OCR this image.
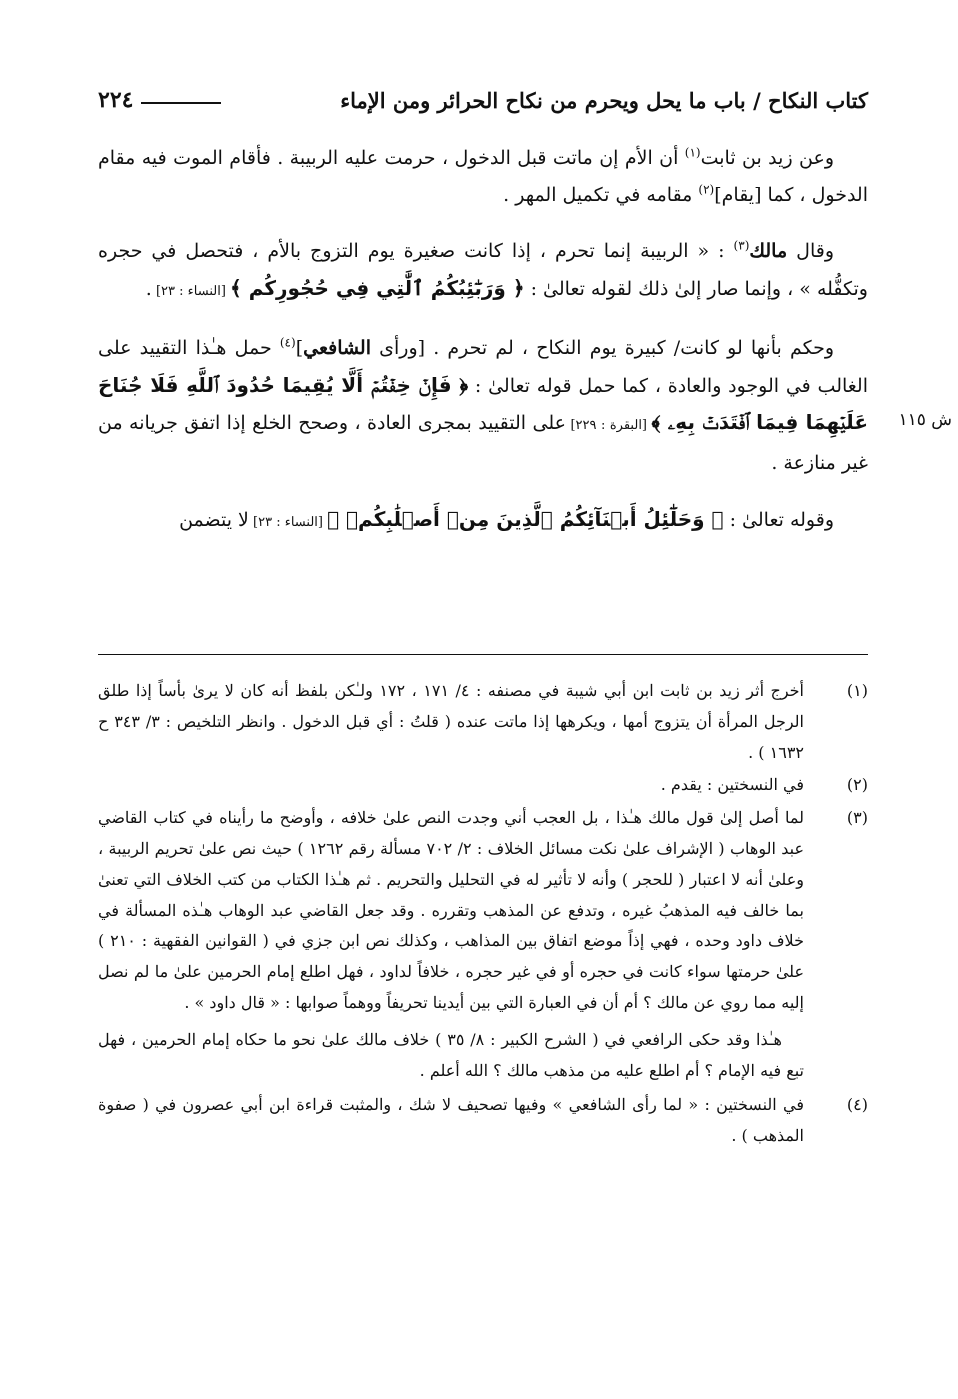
كتاب النكاح / باب ما يحل ويحرم من نكاح الحرائر ومن الإماء
٢٢٤
ش ١١٥

وعن زيد بن ثابت$^{(١)}$ أن الأم إن ماتت قبل الدخول ، حرمت عليه الربيبة . فأقام الموت فيه مقام الدخول ، كما [يقام]$^{(٢)}$ مقامه في تكميل المهر .

وقال مالك$^{(٣)}$ : « الربيبة إنما تحرم ، إذا كانت صغيرة يوم التزوج بالأم ، فتحصل في حجره وتكفُّله » ، وإنما صار إلىٰ ذلك لقوله تعالىٰ : ﴿ وَرَبَٰٓئِبُكُمُ ٱلَّٰتِي فِي حُجُورِكُم ﴾ [النساء : ٢٣] .

وحكم بأنها لو كانت/ كبيرة يوم النكاح ، لم تحرم . [ورأى الشافعي]$^{(٤)}$ حمل هـٰذا التقييد على الغالب في الوجود والعادة ، كما حمل قوله تعالىٰ : ﴿ فَإِنۡ خِفۡتُمۡ أَلَّا يُقِيمَا حُدُودَ ٱللَّهِ فَلَا جُنَاحَ عَلَيۡهِمَا فِيمَا ٱفۡتَدَتۡ بِهِۦ ﴾ [البقرة : ٢٢٩] على التقييد بمجرى العادة ، وصحح الخلع إذا اتفق جريانه من غير منازعة .

وقوله تعالىٰ : ﴿ وَحَلَٰٓئِلُ أَبۡنَآئِكُمُ ٱلَّذِينَ مِنۡ أَصۡلَٰبِكُمۡ ﴾ [النساء : ٢٣] لا يتضمن

(١)
أخرج أثر زيد بن ثابت ابن أبي شيبة في مصنفه : ٤/ ١٧١ ، ١٧٢ ولـٰكن بلفظ أنه كان لا يرىٰ بأساً إذا طلق الرجل المرأة أن يتزوج أمها ، ويكرهها إذا ماتت عنده ( قلتُ : أي قبل الدخول . وانظر التلخيص : ٣/ ٣٤٣ ح ١٦٣٢ ) .
(٢)
في النسختين : يقدم .
(٣)
لما أصل إلىٰ قول مالك هـٰذا ، بل العجب أني وجدت النص علىٰ خلافه ، وأوضح ما رأيناه في كتاب القاضي عبد الوهاب ( الإشراف علىٰ نكت مسائل الخلاف : ٢/ ٧٠٢ مسألة رقم ١٢٦٢ ) حيث نص علىٰ تحريم الربيبة ، وعلىٰ أنه لا اعتبار ( للحجر ) وأنه لا تأثير له في التحليل والتحريم . ثم هـٰذا الكتاب من كتب الخلاف التي تعنىٰ بما خالف فيه المذهبُ غيره ، وتدفع عن المذهب وتقرره . وقد جعل القاضي عبد الوهاب هـٰذه المسألة في خلاف داود وحده ، فهي إذاً موضع اتفاق بين المذاهب ، وكذلك نص ابن جزي في ( القوانين الفقهية : ٢١٠ ) علىٰ حرمتها سواء كانت في حجره أو في غير حجره ، خلافاً لداود ، فهل اطلع إمام الحرمين علىٰ ما لم نصل إليه مما روي عن مالك ؟ أم أن في العبارة التي بين أيدينا تحريفاً ووهماً صوابها : « قال داود » .
هـٰذا وقد حكى الرافعي في ( الشرح الكبير : ٨/ ٣٥ ) خلاف مالك علىٰ نحو ما حكاه إمام الحرمين ، فهل تبع فيه الإمام ؟ أم اطلع عليه من مذهب مالك ؟ الله أعلم .
(٤)
في النسختين : « لما رأى الشافعي » وفيها تصحيف لا شك ، والمثبت قراءة ابن أبي عصرون في ( صفوة المذهب ) .
